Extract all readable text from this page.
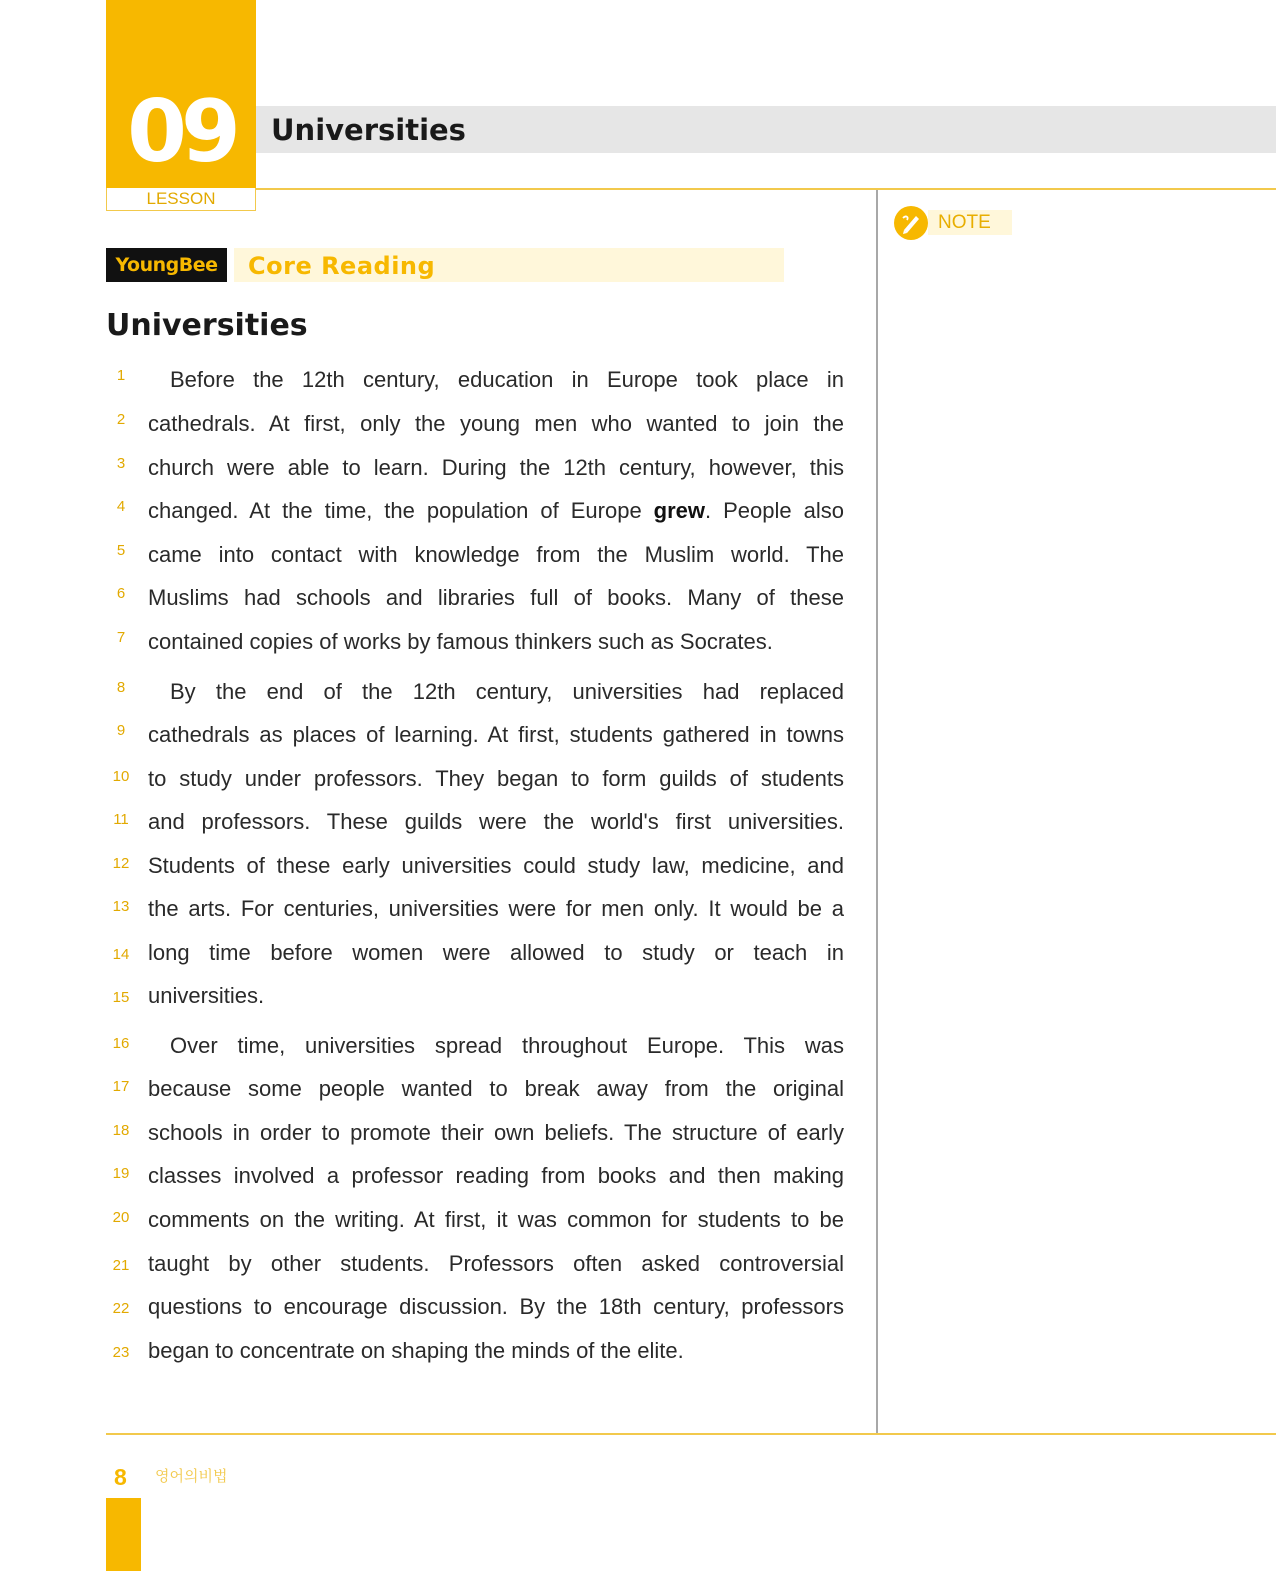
09
LESSON
Universities
NOTE
YoungBee	Core Reading
Universities
1	Before the 12th century, education in Europe took place in
2	cathedrals. At first, only the young men who wanted to join the
3	church were able to learn. During the 12th century, however, this
4	changed. At the time, the population of Europe grew. People also
5	came into contact with knowledge from the Muslim world. The
6	Muslims had schools and libraries full of books. Many of these
7	contained copies of works by famous thinkers such as Socrates.
8	By the end of the 12th century, universities had replaced
9	cathedrals as places of learning. At first, students gathered in towns
10 to study under professors. They began to form guilds of students
11 and professors. These guilds were the world's first universities.
12 Students of these early universities could study law, medicine, and
13 the arts. For centuries, universities were for men only. It would be a
14 long time before women were allowed to study or teach in
15 universities.
16	Over time, universities spread throughout Europe. This was
17 because some people wanted to break away from the original
18 schools in order to promote their own beliefs. The structure of early
19 classes involved a professor reading from books and then making
20 comments on the writing. At first, it was common for students to be
21 taught by other students. Professors often asked controversial
22 questions to encourage discussion. By the 18th century, professors
23 began to concentrate on shaping the minds of the elite.
8 영어의비법
